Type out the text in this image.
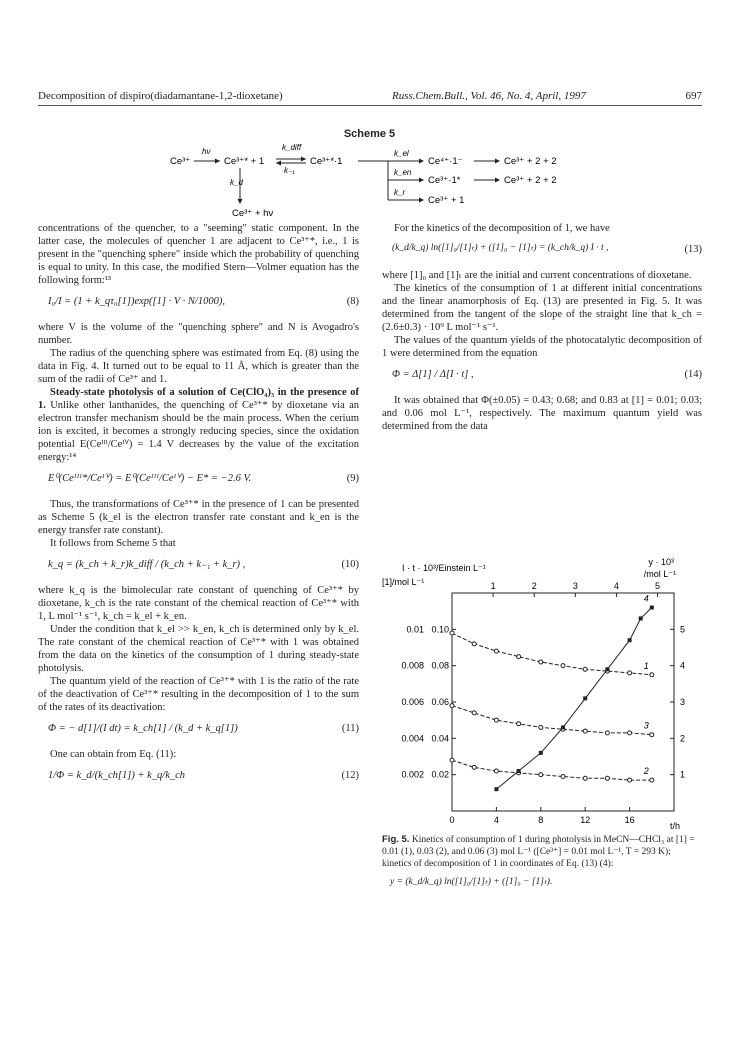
Decomposition of dispiro(diadamantane-1,2-dioxetane)	Russ.Chem.Bull., Vol. 46, No. 4, April, 1997	697

Scheme 5
Ce³⁺
hν
Ce³⁺* + 1
k_diff
k₋₁
Ce³⁺*·1
k_d
Ce³⁺ + hν
k_el
k_en
k_r
Ce⁴⁺·1⁻	Ce³⁺ + 2 + 2
Ce³⁺·1*	Ce³⁺ + 2 + 2
Ce³⁺ + 1

concentrations of the quencher, to a "seeming" static component. In the latter case, the molecules of quencher 1 are adjacent to Ce³⁺*, i.e., 1 is present in the "quenching sphere" inside which the probability of quenching is equal to unity. In this case, the modified Stern—Volmer equation has the following form:¹³

I₀/I = (1 + k_qτ₀[1])exp([1] · V · N/1000),	(8)

where V is the volume of the "quenching sphere" and N is Avogadro's number.

The radius of the quenching sphere was estimated from Eq. (8) using the data in Fig. 4. It turned out to be equal to 11 Å, which is greater than the sum of the radii of Ce³⁺ and 1.

Steady-state photolysis of a solution of Ce(ClO₄)₃ in the presence of 1. Unlike other lanthanides, the quenching of Ce³⁺* by dioxetane via an electron transfer mechanism should be the main process. When the cerium ion is excited, it becomes a strongly reducing species, since the oxidation potential E(Ceᴵᴵᴵ/Ceᴵⱽ) = 1.4 V decreases by the value of the excitation energy:¹⁴

E⁰(Ceᴵᴵᴵ*/Ceᴵⱽ) = E⁰(Ceᴵᴵᴵ/Ceᴵⱽ) − E* = −2.6 V.	(9)

Thus, the transformations of Ce³⁺* in the presence of 1 can be presented as Scheme 5 (k_el is the electron transfer rate constant and k_en is the energy transfer rate constant).

It follows from Scheme 5 that

k_q = (k_ch + k_r)k_diff / (k_ch + k₋₁ + k_r) ,	(10)

where k_q is the bimolecular rate constant of quenching of Ce³⁺* by dioxetane, k_ch is the rate constant of the chemical reaction of Ce³⁺* with 1, L mol⁻¹ s⁻¹, k_ch = k_el + k_en.

Under the condition that k_el >> k_en, k_ch is determined only by k_el. The rate constant of the chemical reaction of Ce³⁺* with 1 was obtained from the data on the kinetics of the consumption of 1 during steady-state photolysis.

The quantum yield of the reaction of Ce³⁺* with 1 is the ratio of the rate of the deactivation of Ce³⁺* resulting in the decomposition of 1 to the sum of the rates of its deactivation:

Φ = − d[1]/(I dt) = k_ch[1] / (k_d + k_q[1])	(11)

One can obtain from Eq. (11):

1/Φ = k_d/(k_ch[1]) + k_q/k_ch	(12)

For the kinetics of the decomposition of 1, we have

(k_d/k_q) ln([1]₀/[1]ₜ) + ([1]₀ − [1]ₜ) = (k_ch/k_q) I · t ,	(13)

where [1]₀ and [1]ₜ are the initial and current concentrations of dioxetane.

The kinetics of the consumption of 1 at different initial concentrations and the linear anamorphosis of Eq. (13) are presented in Fig. 5. It was determined from the tangent of the slope of the straight line that k_ch = (2.6±0.3) · 10⁹ L mol⁻¹ s⁻¹.

The values of the quantum yields of the photocatalytic decomposition of 1 were determined from the equation

Φ = Δ[1] / Δ[I · t] ,	(14)

It was obtained that Φ(±0.05) = 0.43; 0.68; and 0.83 at [1] = 0.01; 0.03; and 0.06 mol L⁻¹, respectively. The maximum quantum yield was determined from the data

I · t · 10³/Einstein L⁻¹
y · 10³
/mol L⁻¹
[1]/mol L⁻¹
t/h
0	4	8	12	16
1	2	3	4	5
0.01 0.10	5
0.008 0.08	4
0.006 0.06	3
0.004 0.04	2
0.002 0.02	1
1
2
3
4
Fig. 5. Kinetics of consumption of 1 during photolysis in MeCN—CHCl₃ at [1] = 0.01 (1), 0.03 (2), and 0.06 (3) mol L⁻¹ ([Ce³⁺] = 0.01 mol L⁻¹, T = 293 K); kinetics of decomposition of 1 in coordinates of Eq. (13) (4):
y = (k_d/k_q) ln([1]₀/[1]ₜ) + ([1]₀ − [1]ₜ).
